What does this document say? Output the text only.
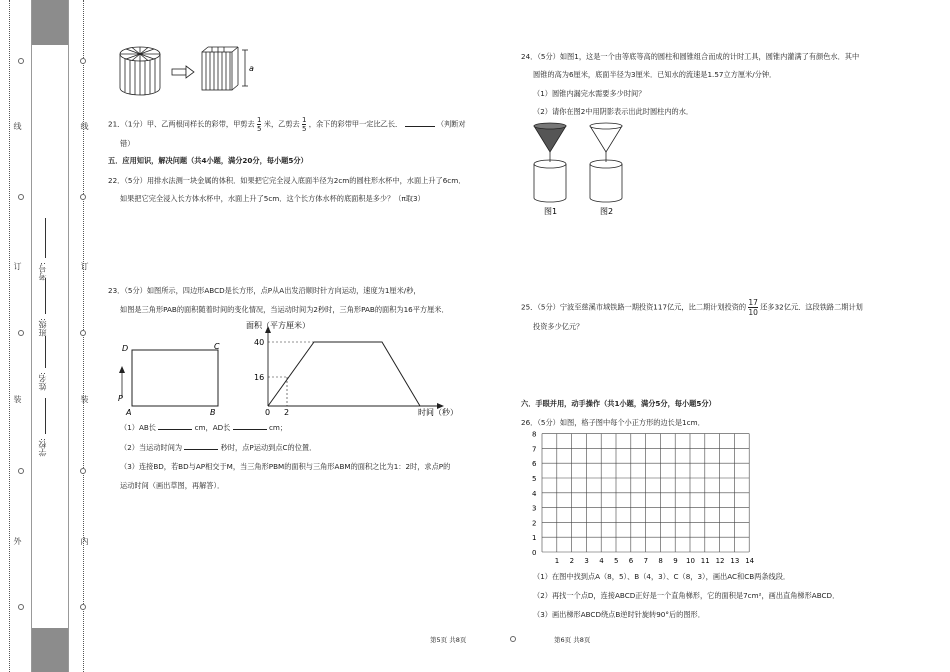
线
订
装
外
线
订
装
内
考号:
班级:
姓名:
学校:
a
21．（1分）甲、乙两根同样长的彩带，甲剪去 $\frac{1}{5}$ 米，乙剪去 $\frac{1}{5}$ ，余下的彩带甲一定比乙长．	（判断对
错）
五．应用知识，解决问题（共4小题，满分20分，每小题5分）
22．（5分）用排水法测一块金属的体积．如果把它完全浸入底面半径为2cm的圆柱形水杯中，水面上升了6cm．
如果把它完全浸入长方体水杯中，水面上升了5cm．这个长方体水杯的底面积是多少？（π取3）
23．（5分）如图所示，四边形ABCD是长方形，点P从A出发沿顺时针方向运动，速度为1厘米/秒，
如图是三角形PAB的面积随着时间的变化情况，当运动时间为2秒时，三角形PAB的面积为16平方厘米．
D	C
P
A	B
面积（平方厘米）
时间（秒）
40
16
0 2
（1）AB长	cm，AD长	cm；
（2）当运动时间为	秒时，点P运动到点C的位置．
（3）连接BD，若BD与AP相交于M，当三角形PBM的面积与三角形ABM的面积之比为1：2时，求点P的
运动时间（画出草图，再解答）．
第5页 共8页
24．（5分）如图1，这是一个由等底等高的圆柱和圆锥组合而成的计时工具，圆锥内灌满了有颜色水．其中
圆锥的高为6厘米，底面半径为3厘米．已知水的流速是1.57立方厘米/分钟．
（1）圆锥内漏完水需要多少时间？
（2）请你在图2中用阴影表示出此时圆柱内的水．
图1	图2
25．（5分）宁波至慈溪市域铁路一期投资117亿元，比二期计划投资的 $\frac{17}{10}$ 还多32亿元．这段铁路二期计划
投资多少亿元？
六．手眼并用，动手操作（共1小题，满分5分，每小题5分）
26．（5分）如图，格子图中每个小正方形的边长是1cm．
8
7
6
5
4
3
2
1
0
1 2 3 4 5 6 7 8 9 10 11 12 13 14
（1）在图中找到点A（8，5）、B（4，3）、C（8，3），画出AC和CB两条线段．
（2）再找一个点D，连接ABCD正好是一个直角梯形，它的面积是7cm²，画出直角梯形ABCD．
（3）画出梯形ABCD绕点B逆时针旋转90°后的图形．
第6页 共8页
